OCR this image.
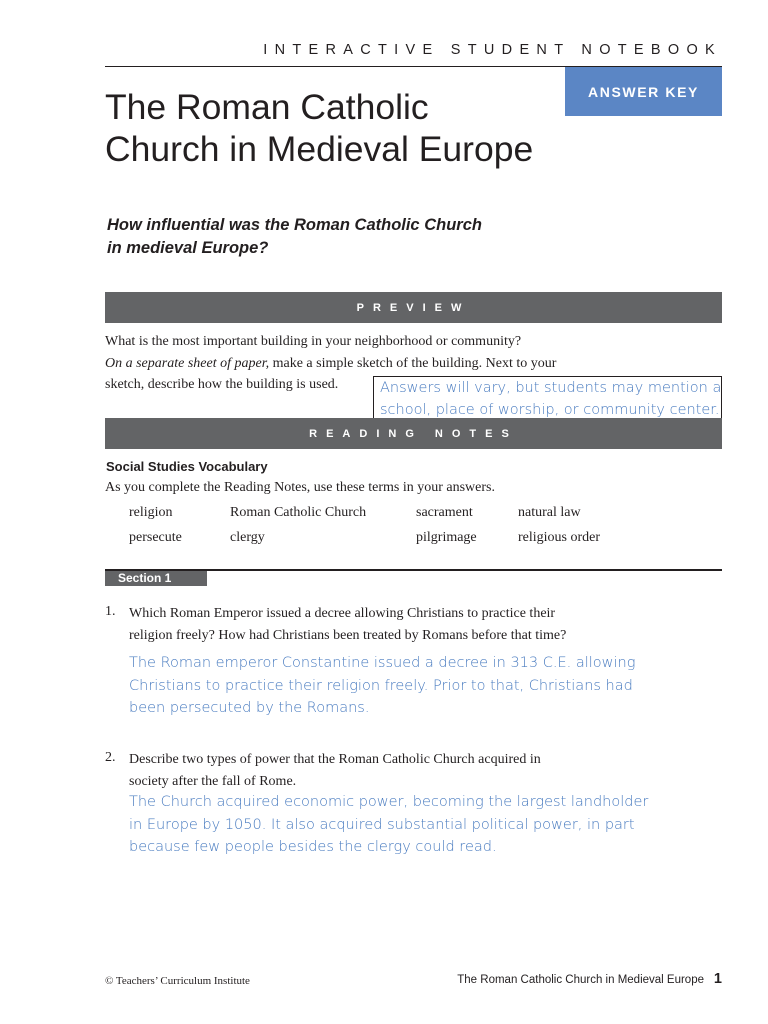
INTERACTIVE STUDENT NOTEBOOK
ANSWER KEY
The Roman Catholic
Church in Medieval Europe
How influential was the Roman Catholic Church
in medieval Europe?
PREVIEW
What is the most important building in your neighborhood or community?
On a separate sheet of paper, make a simple sketch of the building. Next to your
sketch, describe how the building is used.	Answers will vary, but students may mention a
school, place of worship, or community center.
READING NOTES
Social Studies Vocabulary
As you complete the Reading Notes, use these terms in your answers.
religion	Roman Catholic Church	sacrament	natural law
persecute	clergy	pilgrimage	religious order
Section 1
1. Which Roman Emperor issued a decree allowing Christians to practice their
religion freely? How had Christians been treated by Romans before that time?
The Roman emperor Constantine issued a decree in 313 C.E. allowing
Christians to practice their religion freely. Prior to that, Christians had
been persecuted by the Romans.
2. Describe two types of power that the Roman Catholic Church acquired in
society after the fall of Rome.
The Church acquired economic power, becoming the largest landholder
in Europe by 1050. It also acquired substantial political power, in part
because few people besides the clergy could read.
© Teachers’ Curriculum Institute	The Roman Catholic Church in Medieval Europe 1
